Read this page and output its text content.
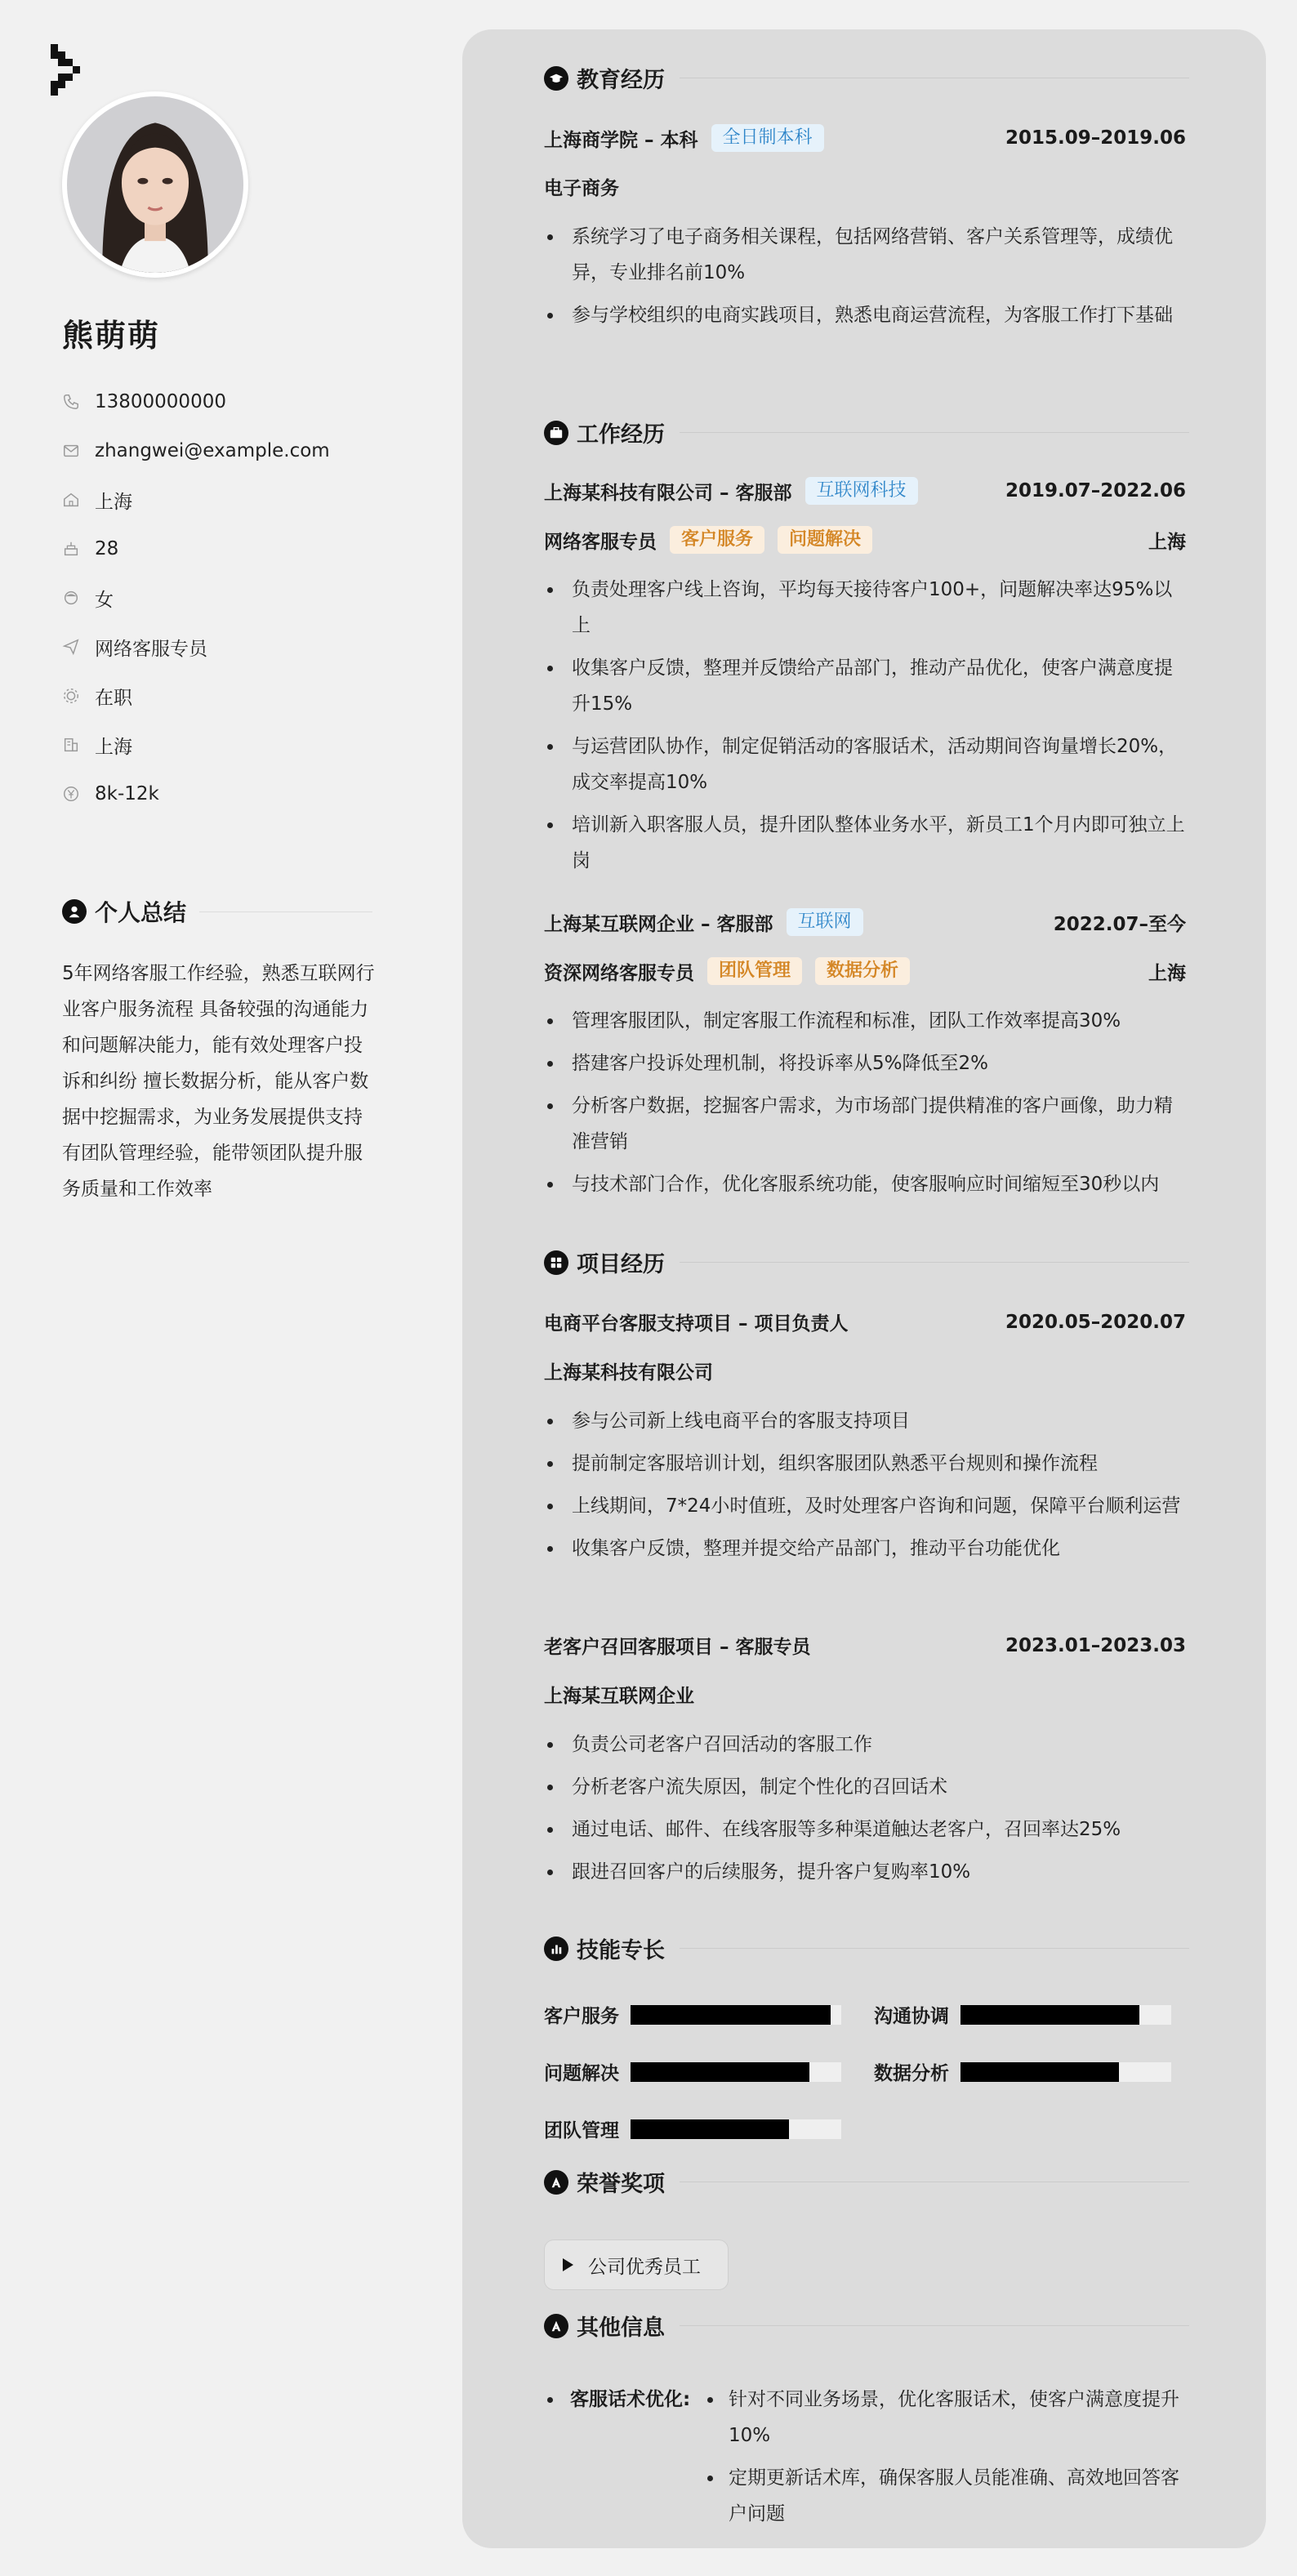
熊萌萌
13800000000
zhangwei@example.com
上海
28
女
网络客服专员
在职
上海
8k-12k
个人总结
5年网络客服工作经验，熟悉互联网行业客户服务流程 具备较强的沟通能力和问题解决能力，能有效处理客户投诉和纠纷 擅长数据分析，能从客户数据中挖掘需求，为业务发展提供支持 有团队管理经验，能带领团队提升服务质量和工作效率
教育经历
上海商学院 – 本科	全日制本科	2015.09–2019.06
电子商务
系统学习了电子商务相关课程，包括网络营销、客户关系管理等，成绩优异，专业排名前10%
参与学校组织的电商实践项目，熟悉电商运营流程，为客服工作打下基础
工作经历
上海某科技有限公司 – 客服部	互联网科技	2019.07–2022.06
网络客服专员	客户服务	问题解决	上海
负责处理客户线上咨询，平均每天接待客户100+，问题解决率达95%以上
收集客户反馈，整理并反馈给产品部门，推动产品优化，使客户满意度提升15%
与运营团队协作，制定促销活动的客服话术，活动期间咨询量增长20%，成交率提高10%
培训新入职客服人员，提升团队整体业务水平，新员工1个月内即可独立上岗
上海某互联网企业 – 客服部	互联网	2022.07–至今
资深网络客服专员	团队管理	数据分析	上海
管理客服团队，制定客服工作流程和标准，团队工作效率提高30%
搭建客户投诉处理机制，将投诉率从5%降低至2%
分析客户数据，挖掘客户需求，为市场部门提供精准的客户画像，助力精准营销
与技术部门合作，优化客服系统功能，使客服响应时间缩短至30秒以内
项目经历
电商平台客服支持项目 – 项目负责人	2020.05–2020.07
上海某科技有限公司
参与公司新上线电商平台的客服支持项目
提前制定客服培训计划，组织客服团队熟悉平台规则和操作流程
上线期间，7*24小时值班，及时处理客户咨询和问题，保障平台顺利运营
收集客户反馈，整理并提交给产品部门，推动平台功能优化
老客户召回客服项目 – 客服专员	2023.01–2023.03
上海某互联网企业
负责公司老客户召回活动的客服工作
分析老客户流失原因，制定个性化的召回话术
通过电话、邮件、在线客服等多种渠道触达老客户，召回率达25%
跟进召回客户的后续服务，提升客户复购率10%
技能专长
客户服务	沟通协调
问题解决	数据分析
团队管理
荣誉奖项
公司优秀员工
其他信息
客服话术优化:	针对不同业务场景，优化客服话术，使客户满意度提升10%
定期更新话术库，确保客服人员能准确、高效地回答客户问题
